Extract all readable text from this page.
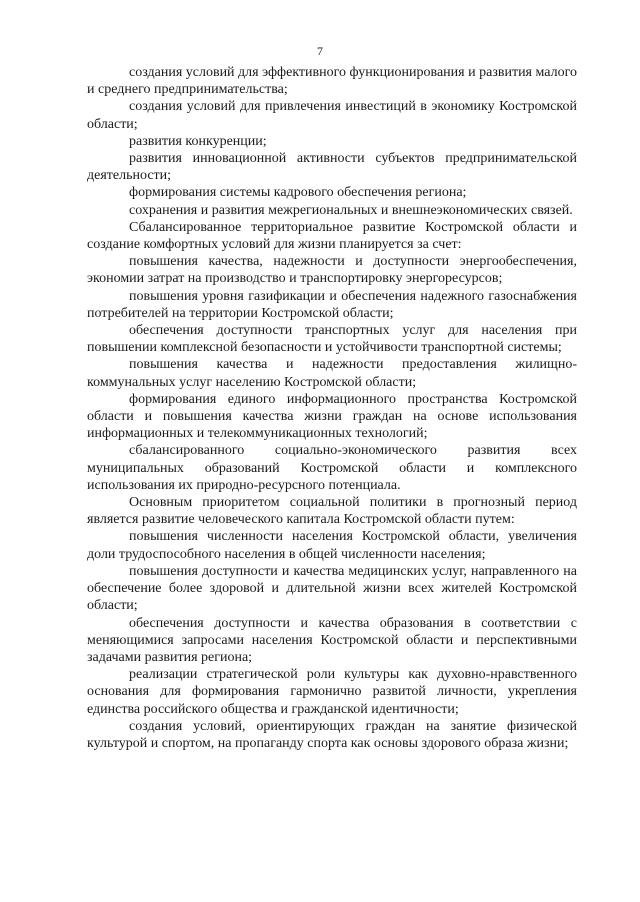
7

создания условий для эффективного функционирования и развития малого и среднего предпринимательства;

создания условий для привлечения инвестиций в экономику Костромской области;

развития конкуренции;

развития инновационной активности субъектов предпринимательской деятельности;

формирования системы кадрового обеспечения региона;

сохранения и развития межрегиональных и внешнеэкономических связей.

Сбалансированное территориальное развитие Костромской области и создание комфортных условий для жизни планируется за счет:

повышения качества, надежности и доступности энергообеспечения, экономии затрат на производство и транспортировку энергоресурсов;

повышения уровня газификации и обеспечения надежного газоснабжения потребителей на территории Костромской области;

обеспечения доступности транспортных услуг для населения при повышении комплексной безопасности и устойчивости транспортной системы;

повышения качества и надежности предоставления жилищно-коммунальных услуг населению Костромской области;

формирования единого информационного пространства Костромской области и повышения качества жизни граждан на основе использования информационных и телекоммуникационных технологий;

сбалансированного социально-экономического развития всех муниципальных образований Костромской области и комплексного использования их природно-ресурсного потенциала.

Основным приоритетом социальной политики в прогнозный период является развитие человеческого капитала Костромской области путем:

повышения численности населения Костромской области, увеличения доли трудоспособного населения в общей численности населения;

повышения доступности и качества медицинских услуг, направленного на обеспечение более здоровой и длительной жизни всех жителей Костромской области;

обеспечения доступности и качества образования в соответствии с меняющимися запросами населения Костромской области и перспективными задачами развития региона;

реализации стратегической роли культуры как духовно-нравственного основания для формирования гармонично развитой личности, укрепления единства российского общества и гражданской идентичности;

создания условий, ориентирующих граждан на занятие физической культурой и спортом, на пропаганду спорта как основы здорового образа жизни;
